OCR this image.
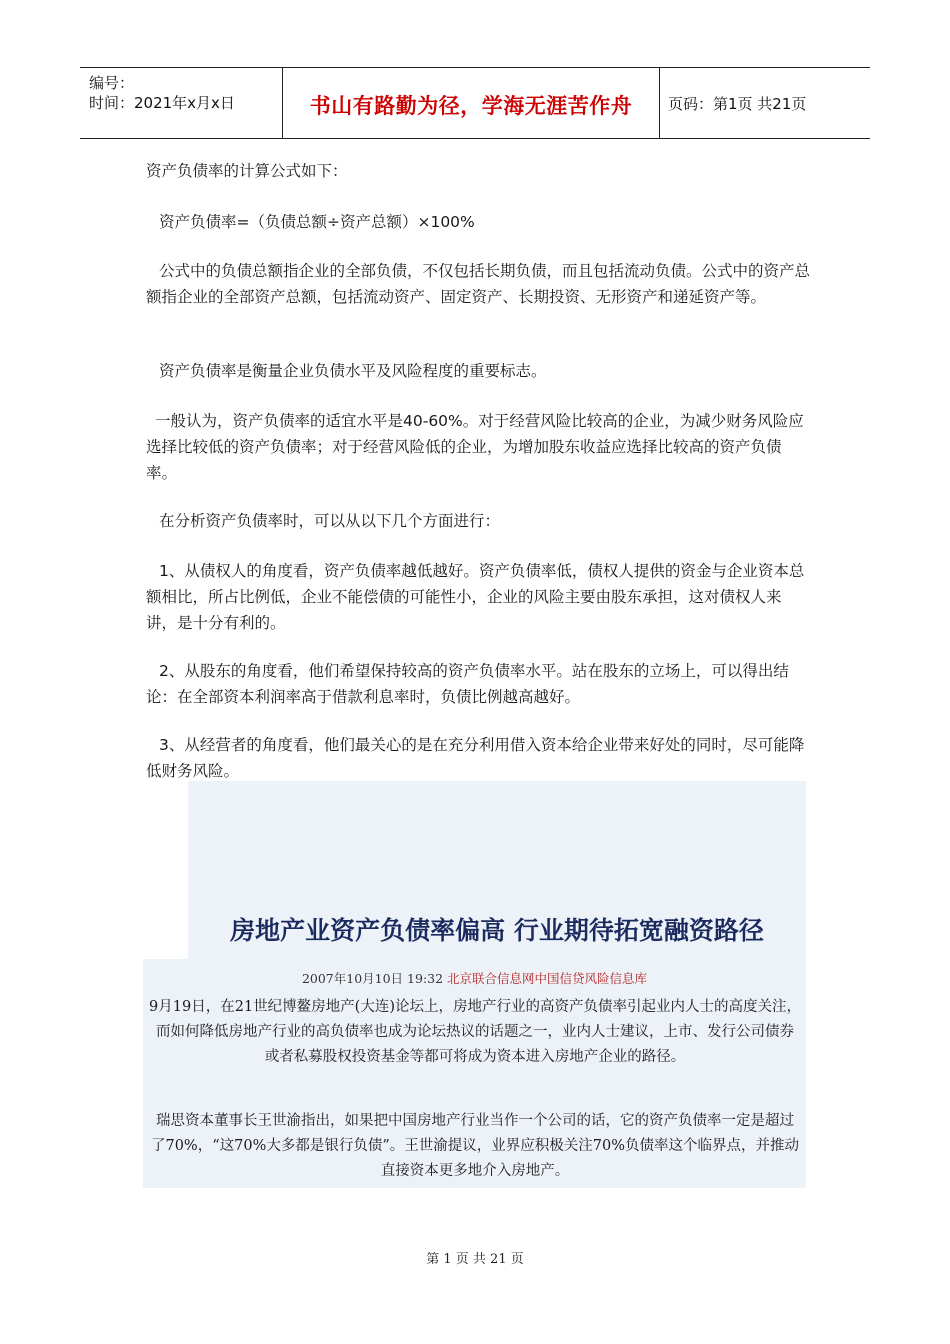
编号：
时间：2021年x月x日	书山有路勤为径，学海无涯苦作舟	页码：第1页 共21页
资产负债率的计算公式如下：
资产负债率=（负债总额÷资产总额）×100%
公式中的负债总额指企业的全部负债，不仅包括长期负债，而且包括流动负债。公式中的资产总额指企业的全部资产总额，包括流动资产、固定资产、长期投资、无形资产和递延资产等。
资产负债率是衡量企业负债水平及风险程度的重要标志。
一般认为，资产负债率的适宜水平是40-60%。对于经营风险比较高的企业，为减少财务风险应选择比较低的资产负债率；对于经营风险低的企业，为增加股东收益应选择比较高的资产负债率。
在分析资产负债率时，可以从以下几个方面进行：
1、从债权人的角度看，资产负债率越低越好。资产负债率低，债权人提供的资金与企业资本总额相比，所占比例低，企业不能偿债的可能性小，企业的风险主要由股东承担，这对债权人来讲，是十分有利的。
2、从股东的角度看，他们希望保持较高的资产负债率水平。站在股东的立场上，可以得出结论：在全部资本利润率高于借款利息率时，负债比例越高越好。
3、从经营者的角度看，他们最关心的是在充分利用借入资本给企业带来好处的同时，尽可能降低财务风险。
房地产业资产负债率偏高 行业期待拓宽融资路径
2007年10月10日 19:32 北京联合信息网中国信贷风险信息库
9月19日，在21世纪博鳌房地产(大连)论坛上，房地产行业的高资产负债率引起业内人士的高度关注，而如何降低房地产行业的高负债率也成为论坛热议的话题之一，业内人士建议，上市、发行公司债券或者私募股权投资基金等都可将成为资本进入房地产企业的路径。
瑞思资本董事长王世渝指出，如果把中国房地产行业当作一个公司的话，它的资产负债率一定是超过了70%，“这70%大多都是银行负债”。王世渝提议，业界应积极关注70%负债率这个临界点，并推动直接资本更多地介入房地产。
第 1 页 共 21 页
